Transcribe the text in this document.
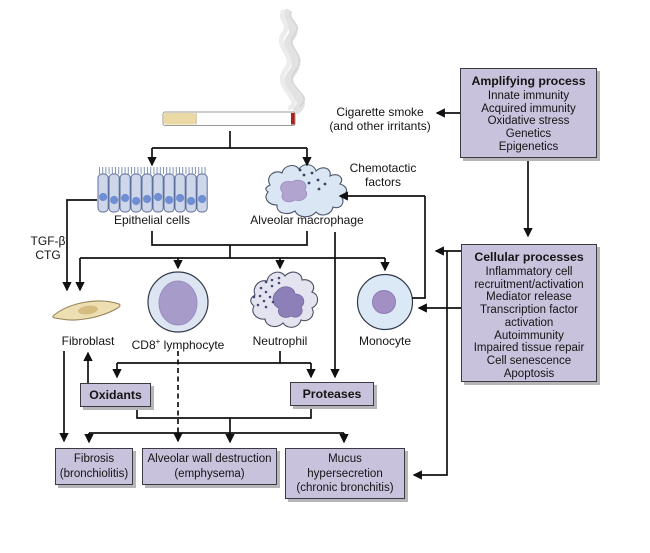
Cigarette smoke
(and other irritants)
Chemotactic
factors
TGF-β
CTG
Epithelial cells	Alveolar macrophage
Fibroblast	CD8+ lymphocyte	Neutrophil	Monocyte
Amplifying process
Innate immunity
Acquired immunity
Oxidative stress
Genetics
Epigenetics
Cellular processes
Inflammatory cell recruitment/activation
Mediator release
Transcription factor activation
Autoimmunity
Impaired tissue repair
Cell senescence
Apoptosis
Oxidants	Proteases
Fibrosis
(bronchiolitis)
Alveolar wall destruction
(emphysema)
Mucus
hypersecretion
(chronic bronchitis)
